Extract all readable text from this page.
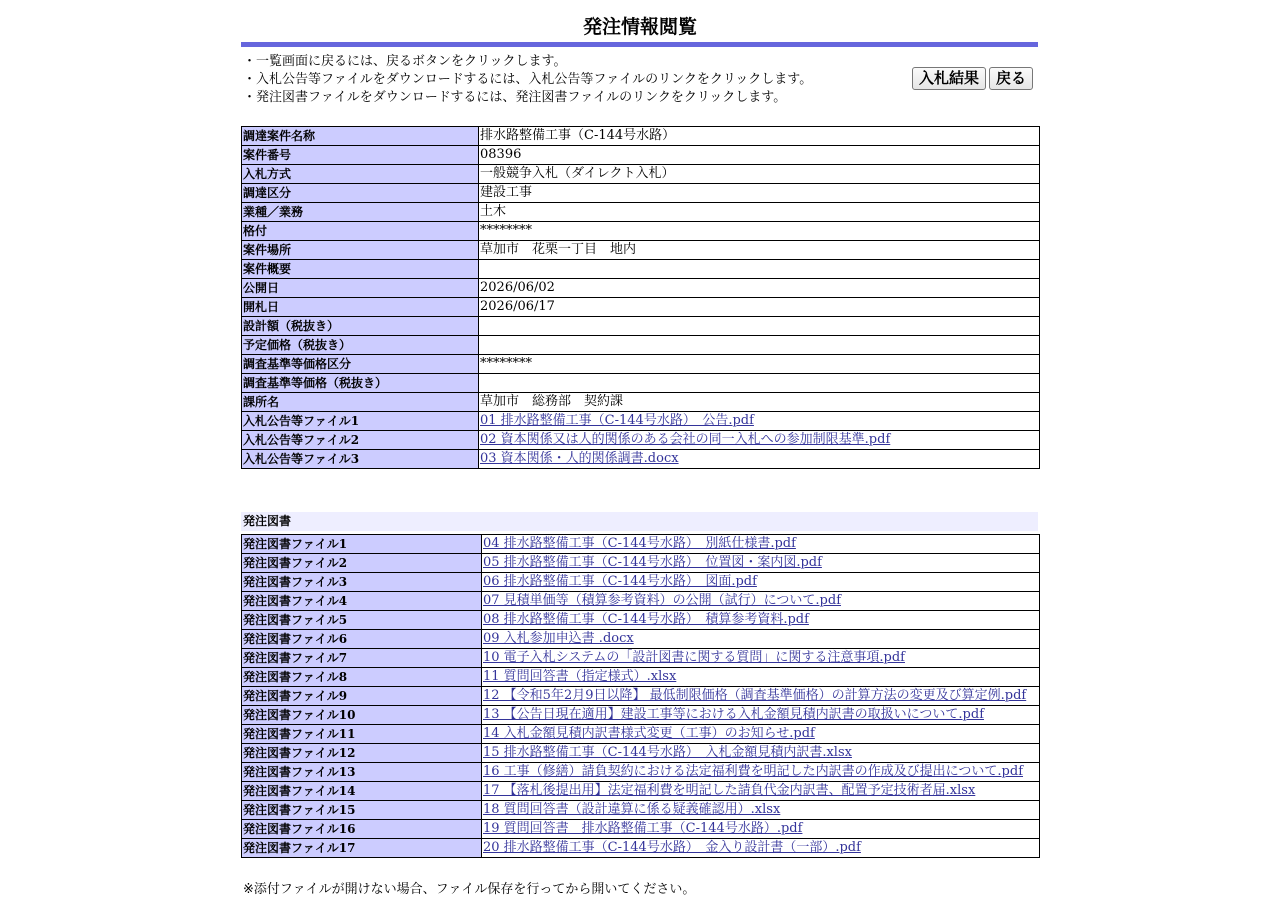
発注情報閲覧
・一覧画面に戻るには、戻るボタンをクリックします。
・入札公告等ファイルをダウンロードするには、入札公告等ファイルのリンクをクリックします。
・発注図書ファイルをダウンロードするには、発注図書ファイルのリンクをクリックします。
入札結果	戻る
調達案件名称	排水路整備工事（C-144号水路）
案件番号	08396
入札方式	一般競争入札（ダイレクト入札）
調達区分	建設工事
業種／業務	土木
格付	********
案件場所	草加市　花栗一丁目　地内
案件概要	
公開日	2026/06/02
開札日	2026/06/17
設計額（税抜き）	
予定価格（税抜き）	
調査基準等価格区分	********
調査基準等価格（税抜き）	
課所名	草加市　総務部　契約課
入札公告等ファイル1	01 排水路整備工事（C-144号水路）　公告.pdf
入札公告等ファイル2	02 資本関係又は人的関係のある会社の同一入札への参加制限基準.pdf
入札公告等ファイル3	03 資本関係・人的関係調書.docx
発注図書
発注図書ファイル1	04 排水路整備工事（C-144号水路）　別紙仕様書.pdf
発注図書ファイル2	05 排水路整備工事（C-144号水路）　位置図・案内図.pdf
発注図書ファイル3	06 排水路整備工事（C-144号水路）　図面.pdf
発注図書ファイル4	07 見積単価等（積算参考資料）の公開（試行）について.pdf
発注図書ファイル5	08 排水路整備工事（C-144号水路）　積算参考資料.pdf
発注図書ファイル6	09 入札参加申込書 .docx
発注図書ファイル7	10 電子入札システムの「設計図書に関する質問」に関する注意事項.pdf
発注図書ファイル8	11 質問回答書（指定様式）.xlsx
発注図書ファイル9	12 【令和5年2月9日以降】 最低制限価格（調査基準価格）の計算方法の変更及び算定例.pdf
発注図書ファイル10	13 【公告日現在適用】建設工事等における入札金額見積内訳書の取扱いについて.pdf
発注図書ファイル11	14 入札金額見積内訳書様式変更（工事）のお知らせ.pdf
発注図書ファイル12	15 排水路整備工事（C-144号水路）　入札金額見積内訳書.xlsx
発注図書ファイル13	16 工事（修繕）請負契約における法定福利費を明記した内訳書の作成及び提出について.pdf
発注図書ファイル14	17 【落札後提出用】法定福利費を明記した請負代金内訳書、配置予定技術者届.xlsx
発注図書ファイル15	18 質問回答書（設計違算に係る疑義確認用）.xlsx
発注図書ファイル16	19 質問回答書　排水路整備工事（C-144号水路）.pdf
発注図書ファイル17	20 排水路整備工事（C-144号水路）　金入り設計書（一部）.pdf
※添付ファイルが開けない場合、ファイル保存を行ってから開いてください。
